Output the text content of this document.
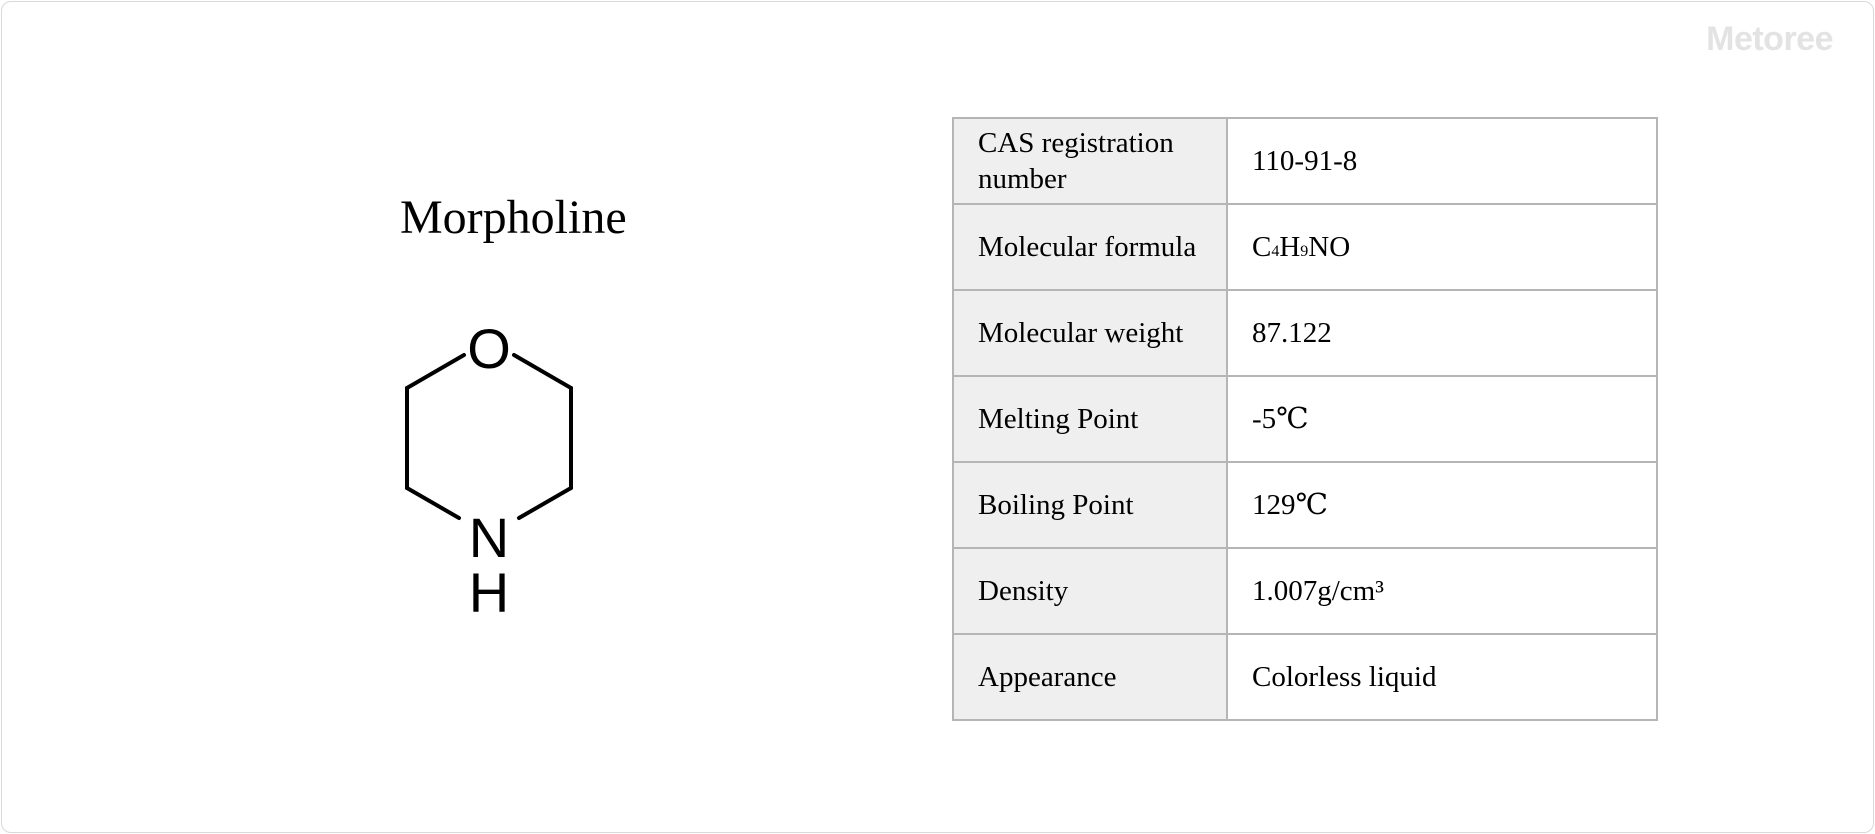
Metoree
Morpholine
O
N
H
CAS registration number	110-91-8
Molecular formula	C4H9NO
Molecular weight	87.122
Melting Point	-5℃
Boiling Point	129℃
Density	1.007g/cm³
Appearance	Colorless liquid
